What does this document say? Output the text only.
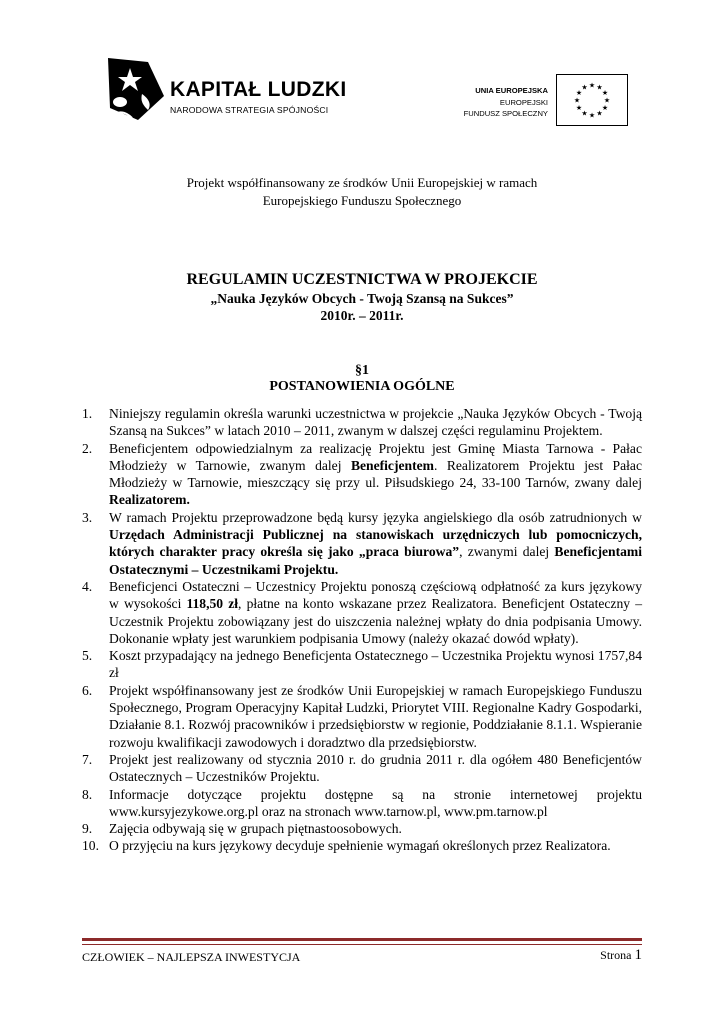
KAPITAŁ LUDZKI
NARODOWA STRATEGIA SPÓJNOŚCI
UNIA EUROPEJSKA
EUROPEJSKI
FUNDUSZ SPOŁECZNY
★
★
★
★
★
★
★
★
★ ★ ★
★
Projekt współfinansowany ze środków Unii Europejskiej w ramach
Europejskiego Funduszu Społecznego
REGULAMIN UCZESTNICTWA W PROJEKCIE
„Nauka Języków Obcych - Twoją Szansą na Sukces”
2010r. – 2011r.
§1
POSTANOWIENIA OGÓLNE
1. Niniejszy regulamin określa warunki uczestnictwa w projekcie „Nauka Języków Obcych - Twoją Szansą na Sukces” w latach 2010 – 2011, zwanym w dalszej części regulaminu Projektem.
2. Beneficjentem odpowiedzialnym za realizację Projektu jest Gminę Miasta Tarnowa - Pałac Młodzieży w Tarnowie, zwanym dalej Beneficjentem. Realizatorem Projektu jest Pałac Młodzieży w Tarnowie, mieszczący się przy ul. Piłsudskiego 24, 33-100 Tarnów, zwany dalej Realizatorem.
3. W ramach Projektu przeprowadzone będą kursy języka angielskiego dla osób zatrudnionych w Urzędach Administracji Publicznej na stanowiskach urzędniczych lub pomocniczych, których charakter pracy określa się jako „praca biurowa”, zwanymi dalej Beneficjentami Ostatecznymi – Uczestnikami Projektu.
4. Beneficjenci Ostateczni – Uczestnicy Projektu ponoszą częściową odpłatność za kurs językowy w wysokości 118,50 zł, płatne na konto wskazane przez Realizatora. Beneficjent Ostateczny – Uczestnik Projektu zobowiązany jest do uiszczenia należnej wpłaty do dnia podpisania Umowy. Dokonanie wpłaty jest warunkiem podpisania Umowy (należy okazać dowód wpłaty).
5. Koszt przypadający na jednego Beneficjenta Ostatecznego – Uczestnika Projektu wynosi 1757,84 zł
6. Projekt współfinansowany jest ze środków Unii Europejskiej w ramach Europejskiego Funduszu Społecznego, Program Operacyjny Kapitał Ludzki, Priorytet VIII. Regionalne Kadry Gospodarki, Działanie 8.1. Rozwój pracowników i przedsiębiorstw w regionie, Poddziałanie 8.1.1. Wspieranie rozwoju kwalifikacji zawodowych i doradztwo dla przedsiębiorstw.
7. Projekt jest realizowany od stycznia 2010 r. do grudnia 2011 r. dla ogółem 480 Beneficjentów Ostatecznych – Uczestników Projektu.
8. Informacje dotyczące projektu dostępne są na stronie internetowej projektu www.kursyjezykowe.org.pl oraz na stronach www.tarnow.pl, www.pm.tarnow.pl
9. Zajęcia odbywają się w grupach piętnastoosobowych.
10. O przyjęciu na kurs językowy decyduje spełnienie wymagań określonych przez Realizatora.
CZŁOWIEK – NAJLEPSZA INWESTYCJA	Strona 1
